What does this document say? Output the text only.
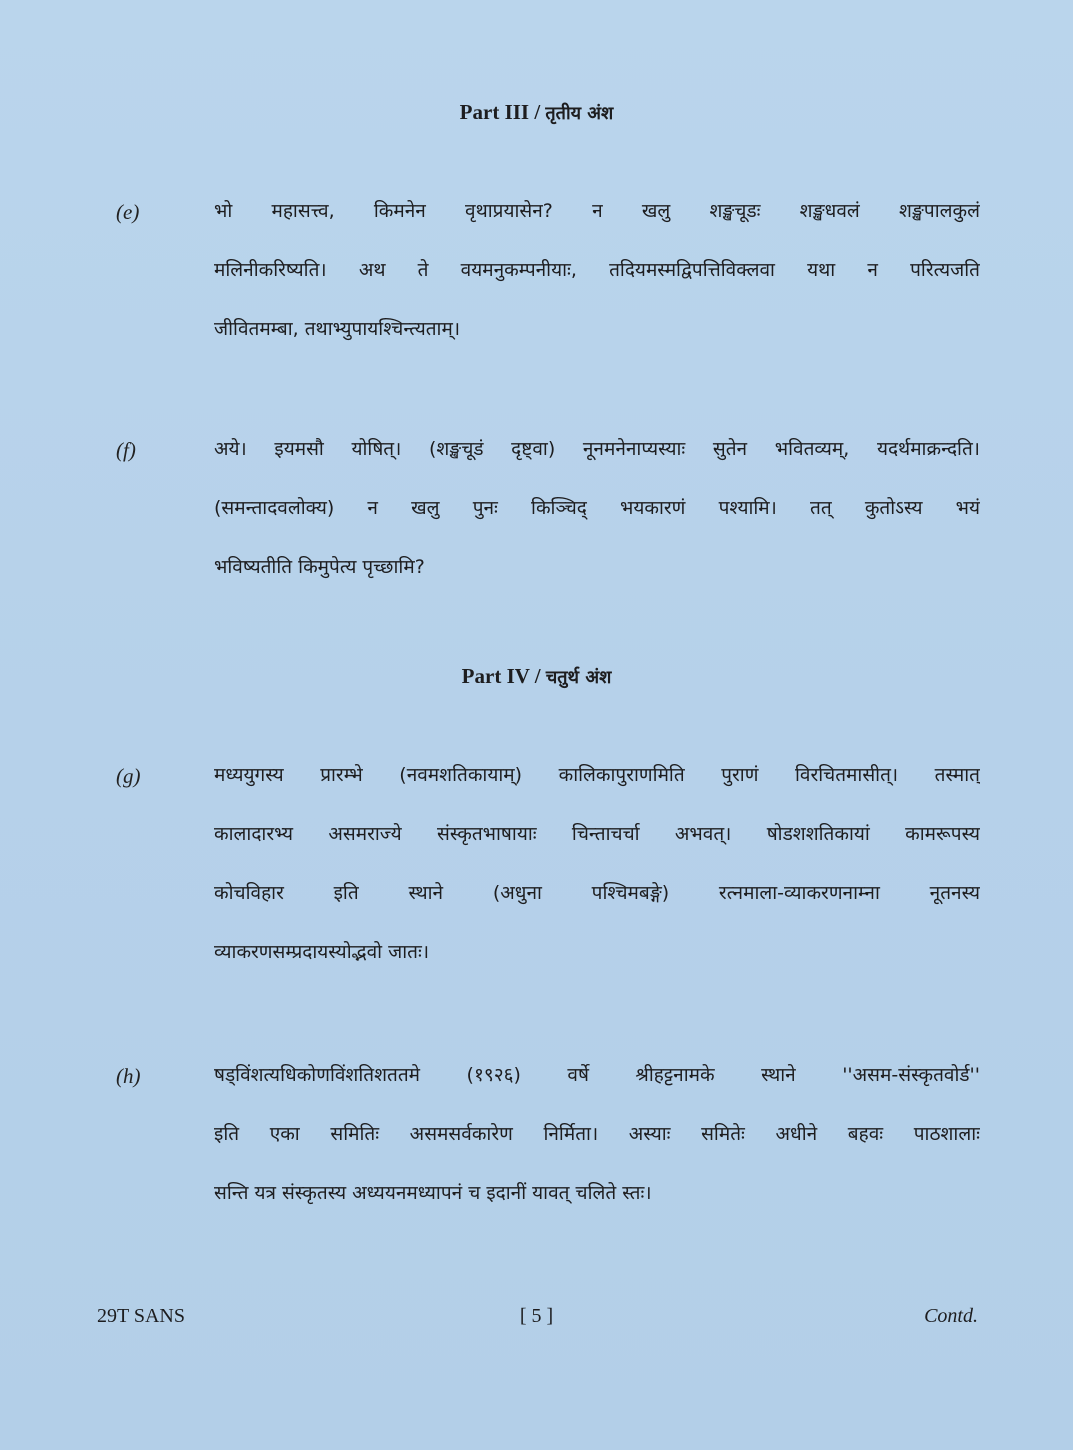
Part III / तृतीय अंश
(e)	भो महासत्त्व, किमनेन वृथाप्रयासेन? न खलु शङ्खचूडः शङ्खधवलं शङ्खपालकुलं
मलिनीकरिष्यति। अथ ते वयमनुकम्पनीयाः, तदियमस्मद्विपत्तिविक्लवा यथा न परित्यजति
जीवितमम्बा, तथाभ्युपायश्चिन्त्यताम्।
(f)	अये। इयमसौ योषित्। (शङ्खचूडं दृष्ट्वा) नूनमनेनाप्यस्याः सुतेन भवितव्यम्, यदर्थमाक्रन्दति।
(समन्तादवलोक्य) न खलु पुनः किञ्चिद् भयकारणं पश्यामि। तत् कुतोऽस्य भयं
भविष्यतीति किमुपेत्य पृच्छामि?
Part IV / चतुर्थ अंश
(g)	मध्ययुगस्य प्रारम्भे (नवमशतिकायाम्) कालिकापुराणमिति पुराणं विरचितमासीत्। तस्मात्
कालादारभ्य असमराज्ये संस्कृतभाषायाः चिन्ताचर्चा अभवत्। षोडशशतिकायां कामरूपस्य
कोचविहार इति स्थाने (अधुना पश्चिमबङ्गे) रत्नमाला-व्याकरणनाम्ना नूतनस्य
व्याकरणसम्प्रदायस्योद्भवो जातः।
(h)	षड्विंशत्यधिकोणविंशतिशततमे (१९२६) वर्षे श्रीहट्टनामके स्थाने ''असम-संस्कृतवोर्ड''
इति एका समितिः असमसर्वकारेण निर्मिता। अस्याः समितेः अधीने बहवः पाठशालाः
सन्ति यत्र संस्कृतस्य अध्ययनमध्यापनं च इदानीं यावत् चलिते स्तः।
29T SANS	[ 5 ]	Contd.
